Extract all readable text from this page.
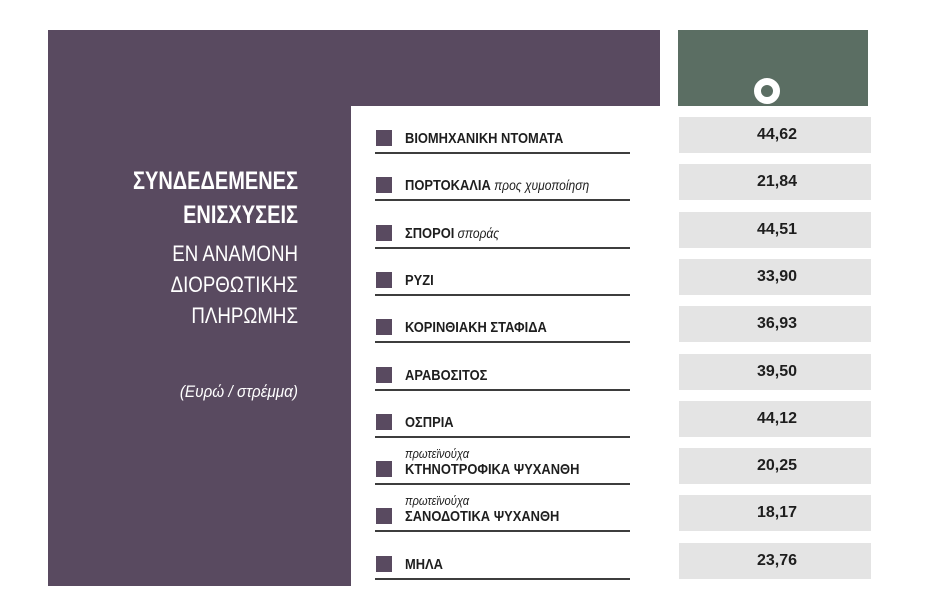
ΣΥΝΔΕΔΕΜΕΝΕΣ
ΕΝΙΣΧΥΣΕΙΣ
ΕΝ ΑΝΑΜΟΝΗ
ΔΙΟΡΘΩΤΙΚΗΣ
ΠΛΗΡΩΜΗΣ
(Ευρώ / στρέμμα)
ΒΙΟΜΗΧΑΝΙΚΗ ΝΤΟΜΑΤΑ	44,62
ΠΟΡΤΟΚΑΛΙΑ προς χυμοποίηση	21,84
ΣΠΟΡΟΙ σποράς	44,51
ΡΥΖΙ	33,90
ΚΟΡΙΝΘΙΑΚΗ ΣΤΑΦΙΔΑ	36,93
ΑΡΑΒΟΣΙΤΟΣ	39,50
ΟΣΠΡΙΑ	44,12
πρωτεϊνούχα
ΚΤΗΝΟΤΡΟΦΙΚΑ ΨΥΧΑΝΘΗ	20,25
πρωτεϊνούχα
ΣΑΝΟΔΟΤΙΚΑ ΨΥΧΑΝΘΗ	18,17
ΜΗΛΑ	23,76
